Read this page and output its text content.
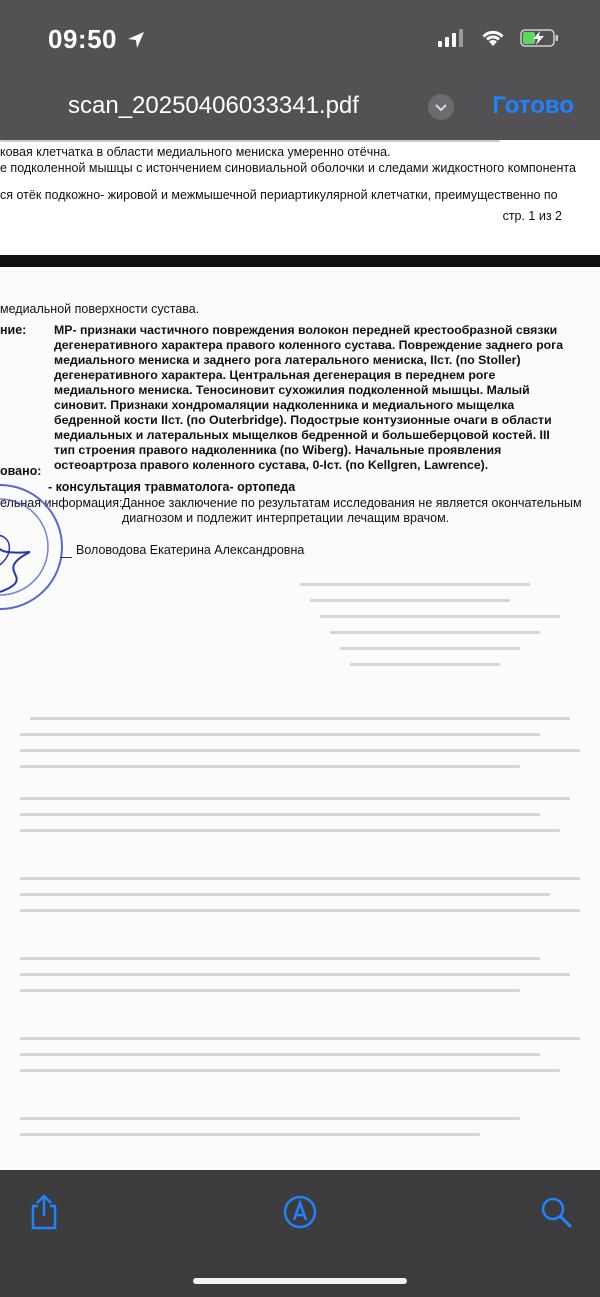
09:50
scan_20250406033341.pdf	Готово
ковая клетчатка в области медиального мениска умеренно отёчна.
е подколенной мышцы с истончением синовиальной оболочки и следами жидкостного компонента
ся отёк подкожно- жировой и межмышечной периартикулярной клетчатки, преимущественно по
стр. 1 из 2
медиальной поверхности сустава.
ние: МР- признаки частичного повреждения волокон передней крестообразной связки дегенеративного характера правого коленного сустава. Повреждение заднего рога медиального мениска и заднего рога латерального мениска, IIст. (по Stoller) дегенеративного характера. Центральная дегенерация в переднем роге медиального мениска. Теносиновит сухожилия подколенной мышцы. Малый синовит. Признаки хондромаляции надколенника и медиального мыщелка бедренной кости IIст. (по Outerbridge). Подострые контузионные очаги в области медиальных и латеральных мыщелков бедренной и большеберцовой костей. III тип строения правого надколенника (по Wiberg). Начальные проявления остеоартроза правого коленного сустава, 0-Iст. (по Kellgren, Lawrence).
овано:
- консультация травматолога- ортопеда
ельная информация: Данное заключение по результатам исследования не является окончательным
диагнозом и подлежит интерпретации лечащим врачом.
Воловодова Екатерина Александровна
